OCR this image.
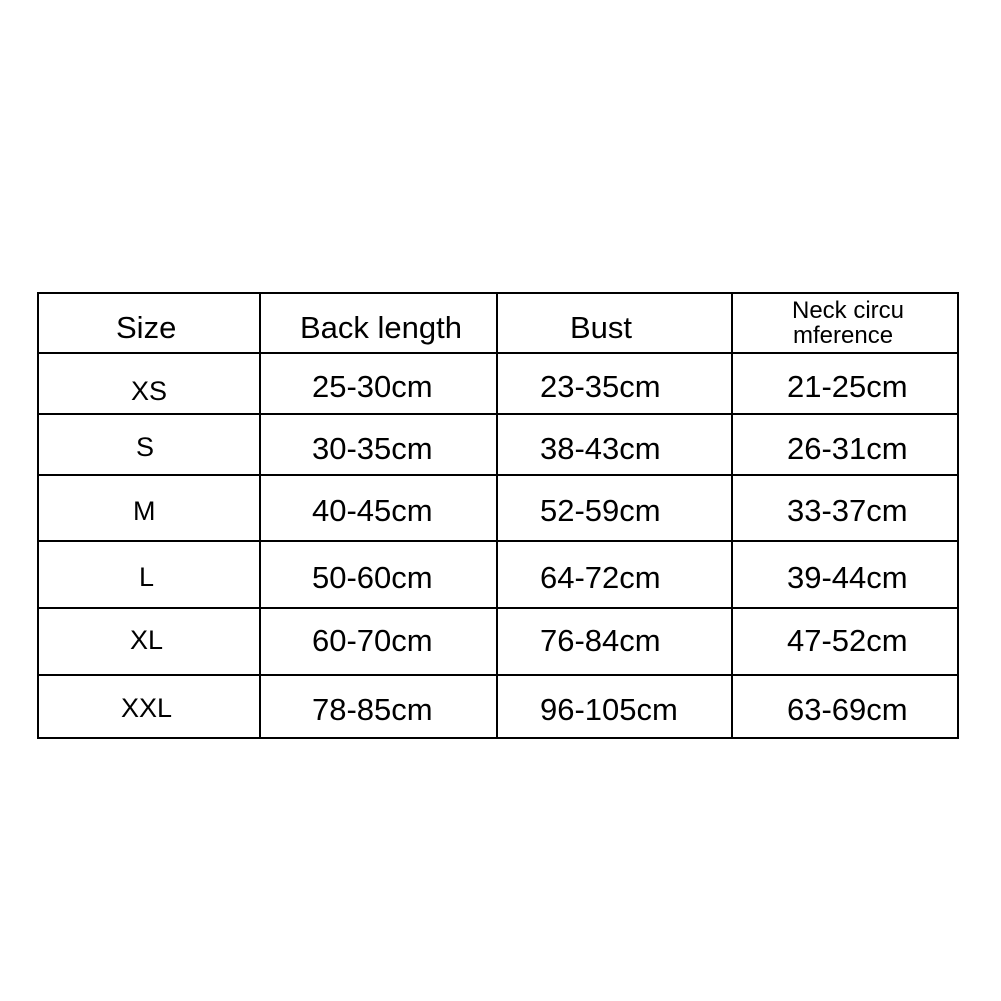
Size	Back length	Bust	Neck circu
mference
XS	25-30cm	23-35cm	21-25cm
S	30-35cm	38-43cm	26-31cm
M	40-45cm	52-59cm	33-37cm
L	50-60cm	64-72cm	39-44cm
XL	60-70cm	76-84cm	47-52cm
XXL	78-85cm	96-105cm	63-69cm
